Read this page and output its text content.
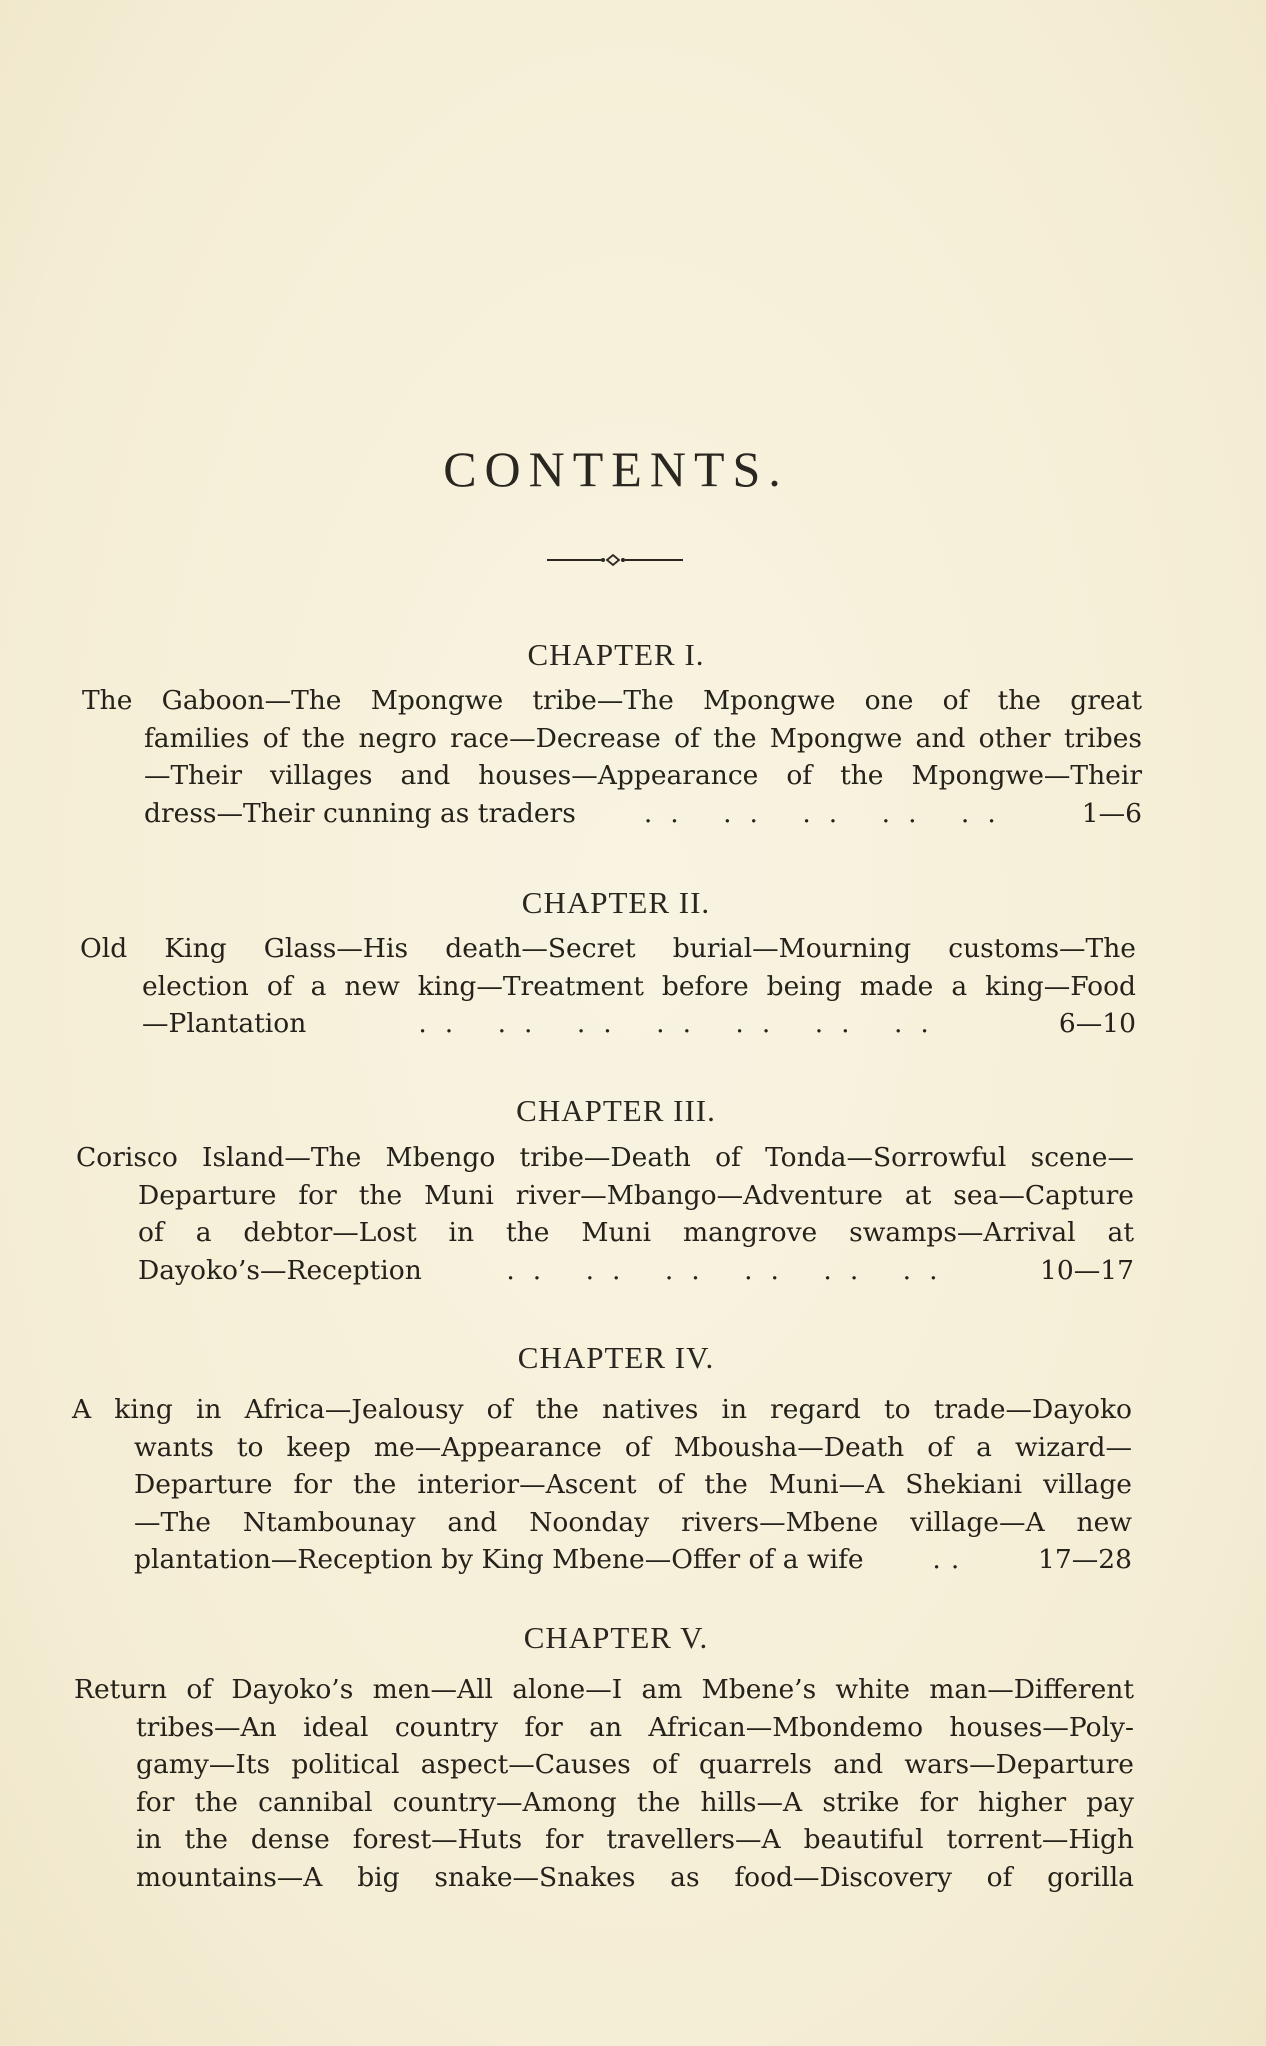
CONTENTS.
CHAPTER I.
The Gaboon—The Mpongwe tribe—The Mpongwe one of the great
families of the negro race—Decrease of the Mpongwe and other tribes
—Their villages and houses—Appearance of the Mpongwe—Their
dress—Their cunning as traders	.. .. .. .. ..	1—6
CHAPTER II.
Old King Glass—His death—Secret burial—Mourning customs—The
election of a new king—Treatment before being made a king—Food
—Plantation	.. .. .. .. .. .. ..	6—10
CHAPTER III.
Corisco Island—The Mbengo tribe—Death of Tonda—Sorrowful scene—
Departure for the Muni river—Mbango—Adventure at sea—Capture
of a debtor—Lost in the Muni mangrove swamps—Arrival at
Dayoko’s—Reception	.. .. .. .. .. ..	10—17
CHAPTER IV.
A king in Africa—Jealousy of the natives in regard to trade—Dayoko
wants to keep me—Appearance of Mbousha—Death of a wizard—
Departure for the interior—Ascent of the Muni—A Shekiani village
—The Ntambounay and Noonday rivers—Mbene village—A new
plantation—Reception by King Mbene—Offer of a wife	..	17—28
CHAPTER V.
Return of Dayoko’s men—All alone—I am Mbene’s white man—Different
tribes—An ideal country for an African—Mbondemo houses—Poly-
gamy—Its political aspect—Causes of quarrels and wars—Departure
for the cannibal country—Among the hills—A strike for higher pay
in the dense forest—Huts for travellers—A beautiful torrent—High
mountains—A big snake—Snakes as food—Discovery of gorilla
